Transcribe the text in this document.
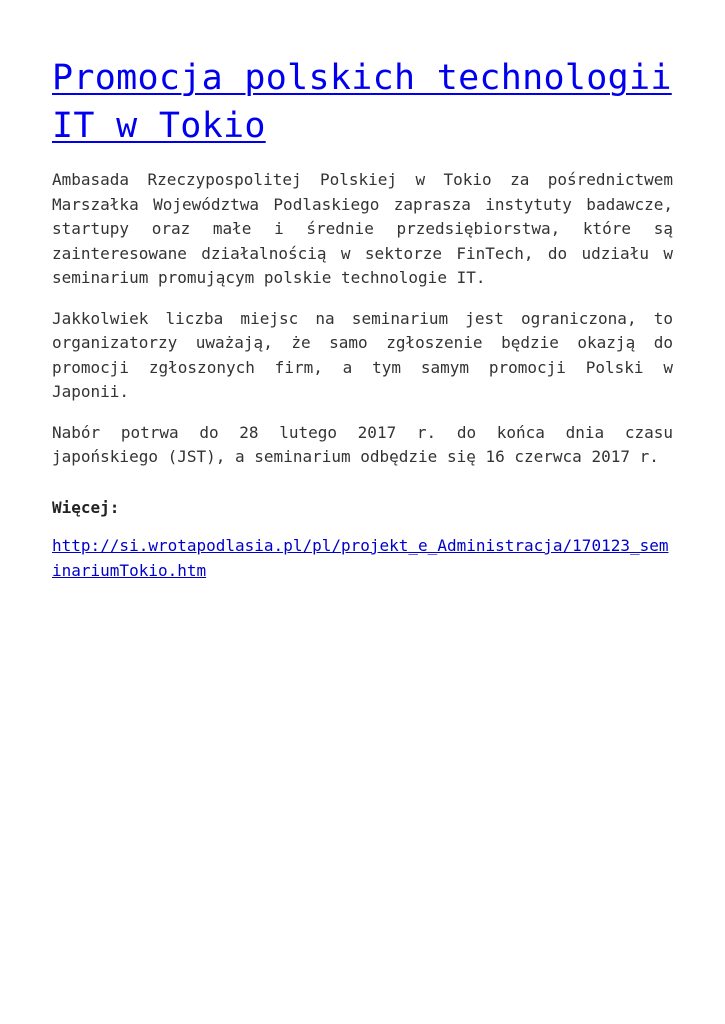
Promocja polskich technologii IT w Tokio

Ambasada Rzeczypospolitej Polskiej w Tokio za pośrednictwem Marszałka Województwa Podlaskiego zaprasza instytuty badawcze, startupy oraz małe i średnie przedsiębiorstwa, które są zainteresowane działalnością w sektorze FinTech, do udziału w seminarium promującym polskie technologie IT.

Jakkolwiek liczba miejsc na seminarium jest ograniczona, to organizatorzy uważają, że samo zgłoszenie będzie okazją do promocji zgłoszonych firm, a tym samym promocji Polski w Japonii.

Nabór potrwa do 28 lutego 2017 r. do końca dnia czasu japońskiego (JST), a seminarium odbędzie się 16 czerwca 2017 r.

Więcej:

http://si.wrotapodlasia.pl/pl/projekt_e_Administracja/170123_seminariumTokio.htm
